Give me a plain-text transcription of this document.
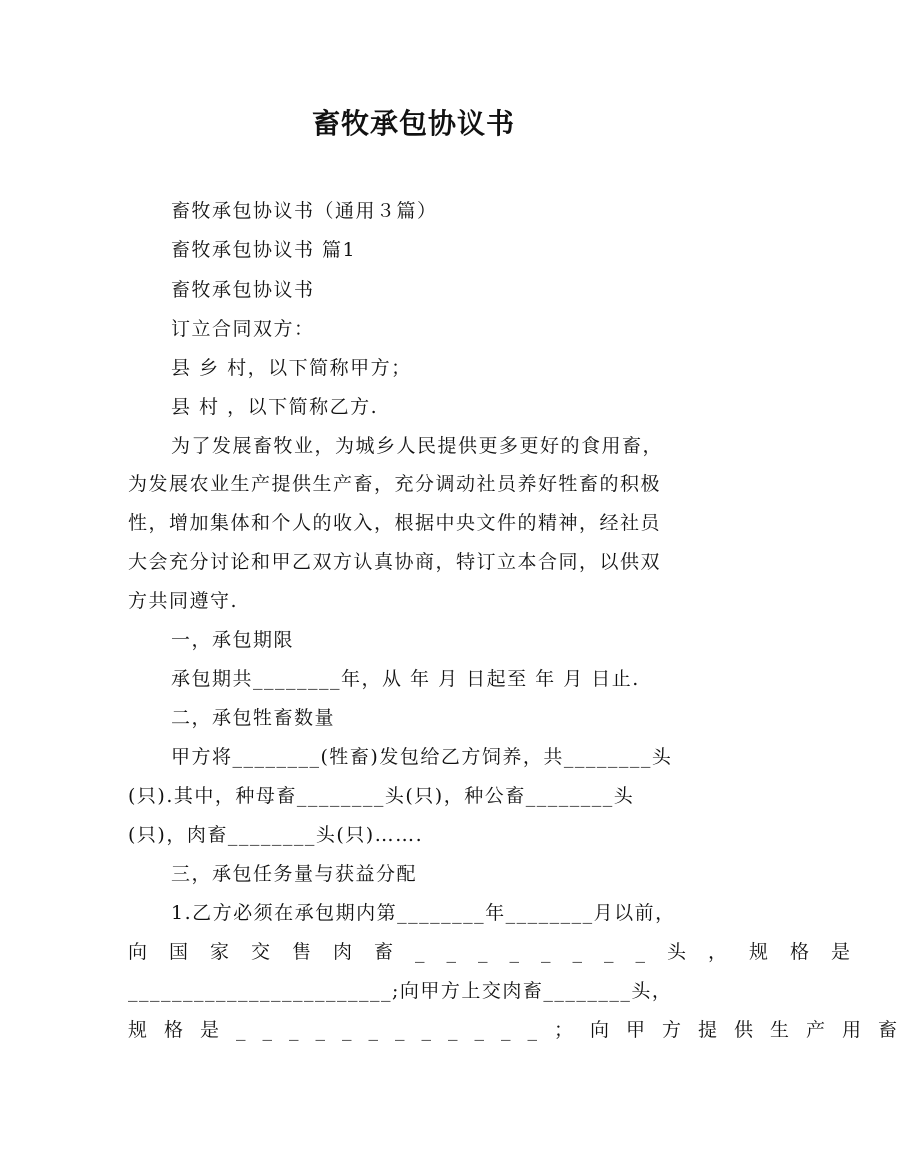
畜牧承包协议书
畜牧承包协议书（通用３篇）
畜牧承包协议书 篇1
畜牧承包协议书
订立合同双方：
县 乡 村，以下简称甲方；
县 村 ，以下简称乙方.
为了发展畜牧业，为城乡人民提供更多更好的食用畜，
为发展农业生产提供生产畜，充分调动社员养好牲畜的积极
性，增加集体和个人的收入，根据中央文件的精神，经社员
大会充分讨论和甲乙双方认真协商，特订立本合同，以供双
方共同遵守.
一，承包期限
承包期共________年，从 年 月 日起至 年 月 日止.
二，承包牲畜数量
甲方将________(牲畜)发包给乙方饲养，共________头
(只).其中，种母畜________头(只)，种公畜________头
(只)，肉畜________头(只)…….
三，承包任务量与获益分配
1.乙方必须在承包期内第________年________月以前，
向国家交售肉畜________头，规格是
________________________;向甲方上交肉畜________头，
规格是____________；向甲方提供生产用畜
